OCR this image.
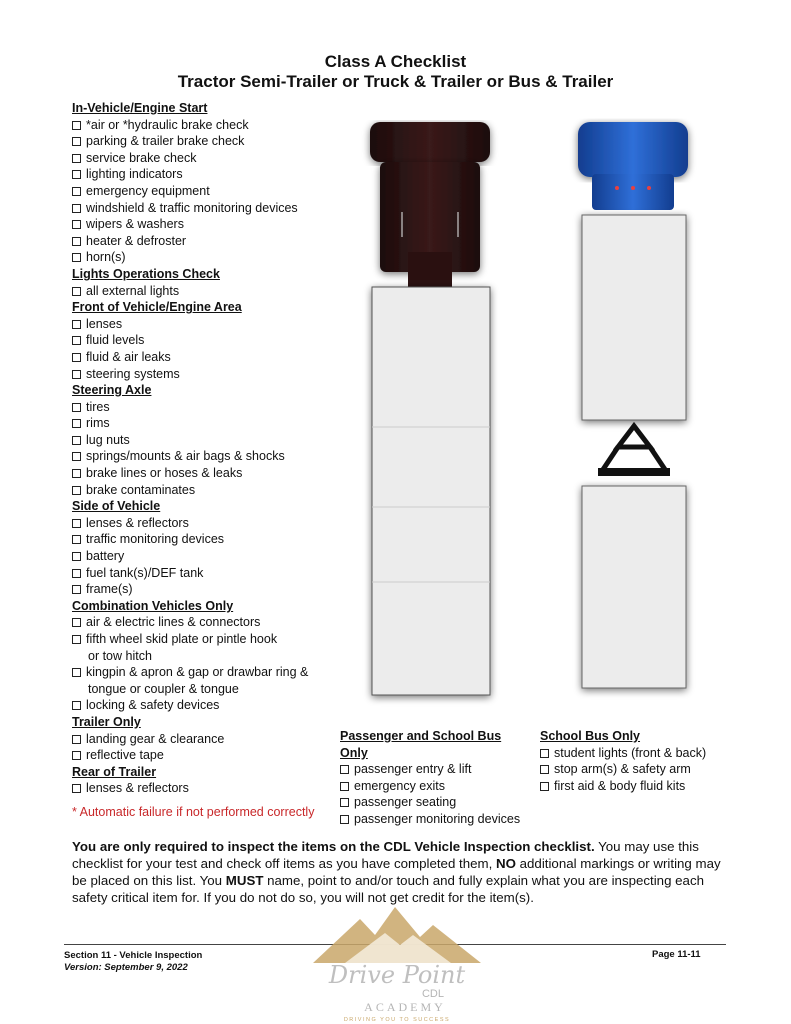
Class A Checklist
Tractor Semi-Trailer or Truck & Trailer or Bus & Trailer
In-Vehicle/Engine Start
*air or *hydraulic brake check
parking & trailer brake check
service brake check
lighting indicators
emergency equipment
windshield & traffic monitoring devices
wipers & washers
heater & defroster
horn(s)
Lights Operations Check
all external lights
Front of Vehicle/Engine Area
lenses
fluid levels
fluid & air leaks
steering systems
Steering Axle
tires
rims
lug nuts
springs/mounts & air bags & shocks
brake lines or hoses & leaks
brake contaminates
Side of Vehicle
lenses & reflectors
traffic monitoring devices
battery
fuel tank(s)/DEF tank
frame(s)
Combination Vehicles Only
air & electric lines & connectors
fifth wheel skid plate or pintle hook
or tow hitch
kingpin & apron & gap or drawbar ring &
tongue or coupler & tongue
locking & safety devices
Trailer Only
landing gear & clearance
reflective tape
Rear of Trailer
lenses & reflectors
* Automatic failure if not performed correctly
Passenger and School Bus
Only
passenger entry & lift
emergency exits
passenger seating
passenger monitoring devices
School Bus Only
student lights (front & back)
stop arm(s) & safety arm
first aid & body fluid kits
You are only required to inspect the items on the CDL Vehicle Inspection checklist. You may use this checklist for your test and check off items as you have completed them, NO additional markings or writing may be placed on this list. You MUST name, point to and/or touch and fully explain what you are inspecting each safety critical item for. If you do not do so, you will not get credit for the item(s).
Section 11 - Vehicle Inspection
Version: September 9, 2022
Page 11-11
Drive Point
CDL
ACADEMY
DRIVING YOU TO SUCCESS
